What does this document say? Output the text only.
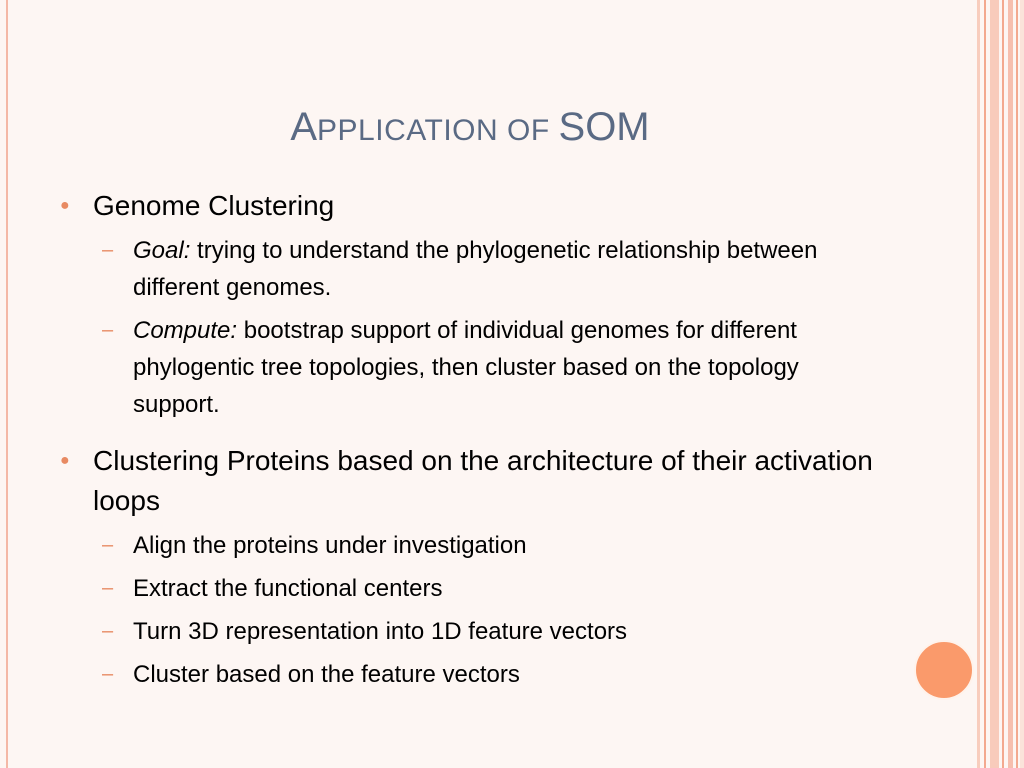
APPLICATION OF SOM
● Genome Clustering
– Goal: trying to understand the phylogenetic relationship between different genomes.
– Compute: bootstrap support of individual genomes for different phylogentic tree topologies, then cluster based on the topology support.
● Clustering Proteins based on the architecture of their activation loops
– Align the proteins under investigation
– Extract the functional centers
– Turn 3D representation into 1D feature vectors
– Cluster based on the feature vectors
